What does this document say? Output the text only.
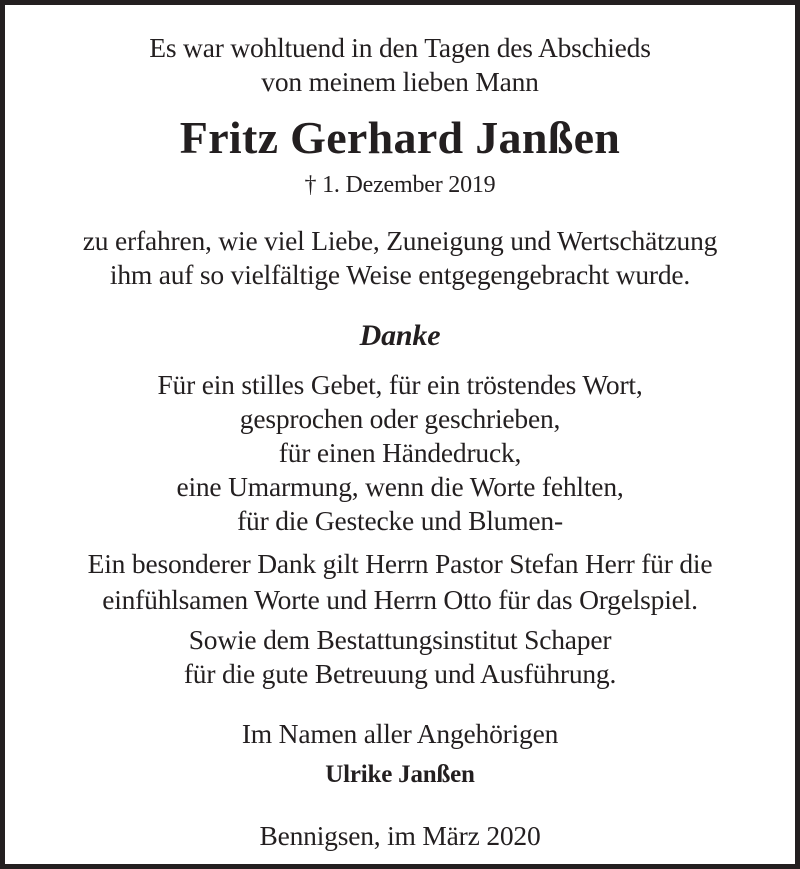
Es war wohltuend in den Tagen des Abschieds
von meinem lieben Mann
Fritz Gerhard Janßen
† 1. Dezember 2019
zu erfahren, wie viel Liebe, Zuneigung und Wertschätzung
ihm auf so vielfältige Weise entgegengebracht wurde.
Danke
Für ein stilles Gebet, für ein tröstendes Wort,
gesprochen oder geschrieben,
für einen Händedruck,
eine Umarmung, wenn die Worte fehlten,
für die Gestecke und Blumen-
Ein besonderer Dank gilt Herrn Pastor Stefan Herr für die
einfühlsamen Worte und Herrn Otto für das Orgelspiel.
Sowie dem Bestattungsinstitut Schaper
für die gute Betreuung und Ausführung.
Im Namen aller Angehörigen
Ulrike Janßen
Bennigsen, im März 2020
